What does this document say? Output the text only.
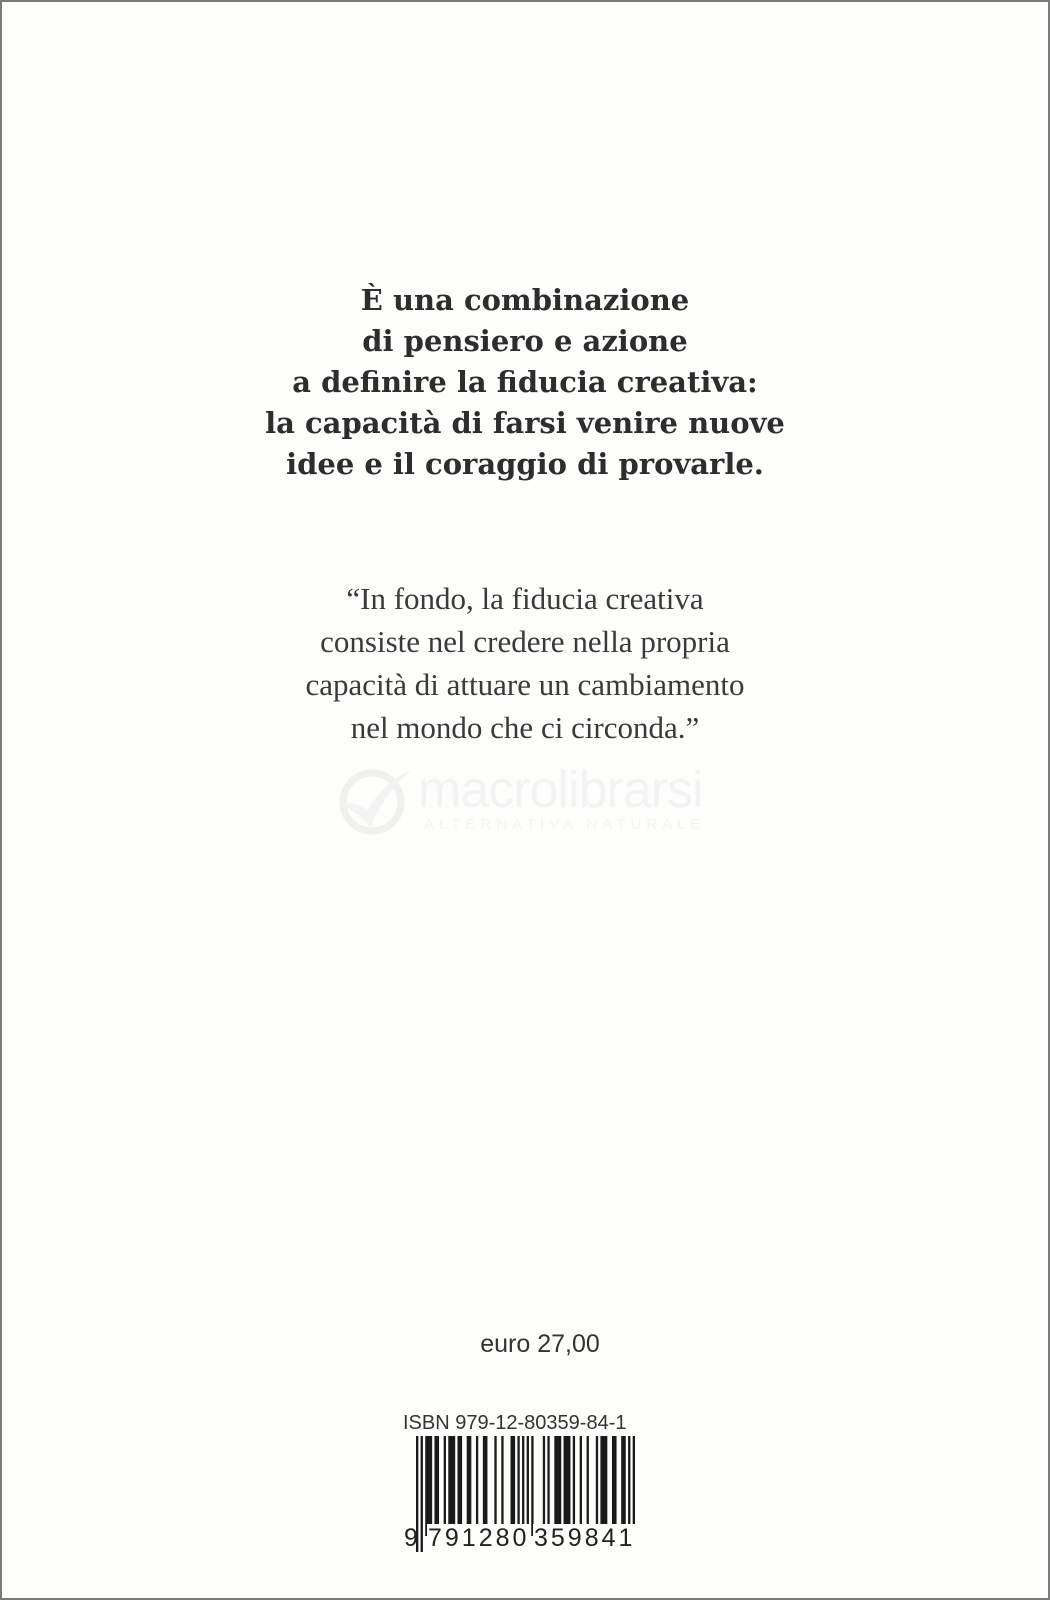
È una combinazione
di pensiero e azione
a definire la fiducia creativa:
la capacità di farsi venire nuove
idee e il coraggio di provarle.
“In fondo, la fiducia creativa
consiste nel credere nella propria
capacità di attuare un cambiamento
nel mondo che ci circonda.”
macrolibrarsi
ALTERNATIVA NATURALE
euro 27,00
ISBN 979-12-80359-84-1
9 791280 359841
